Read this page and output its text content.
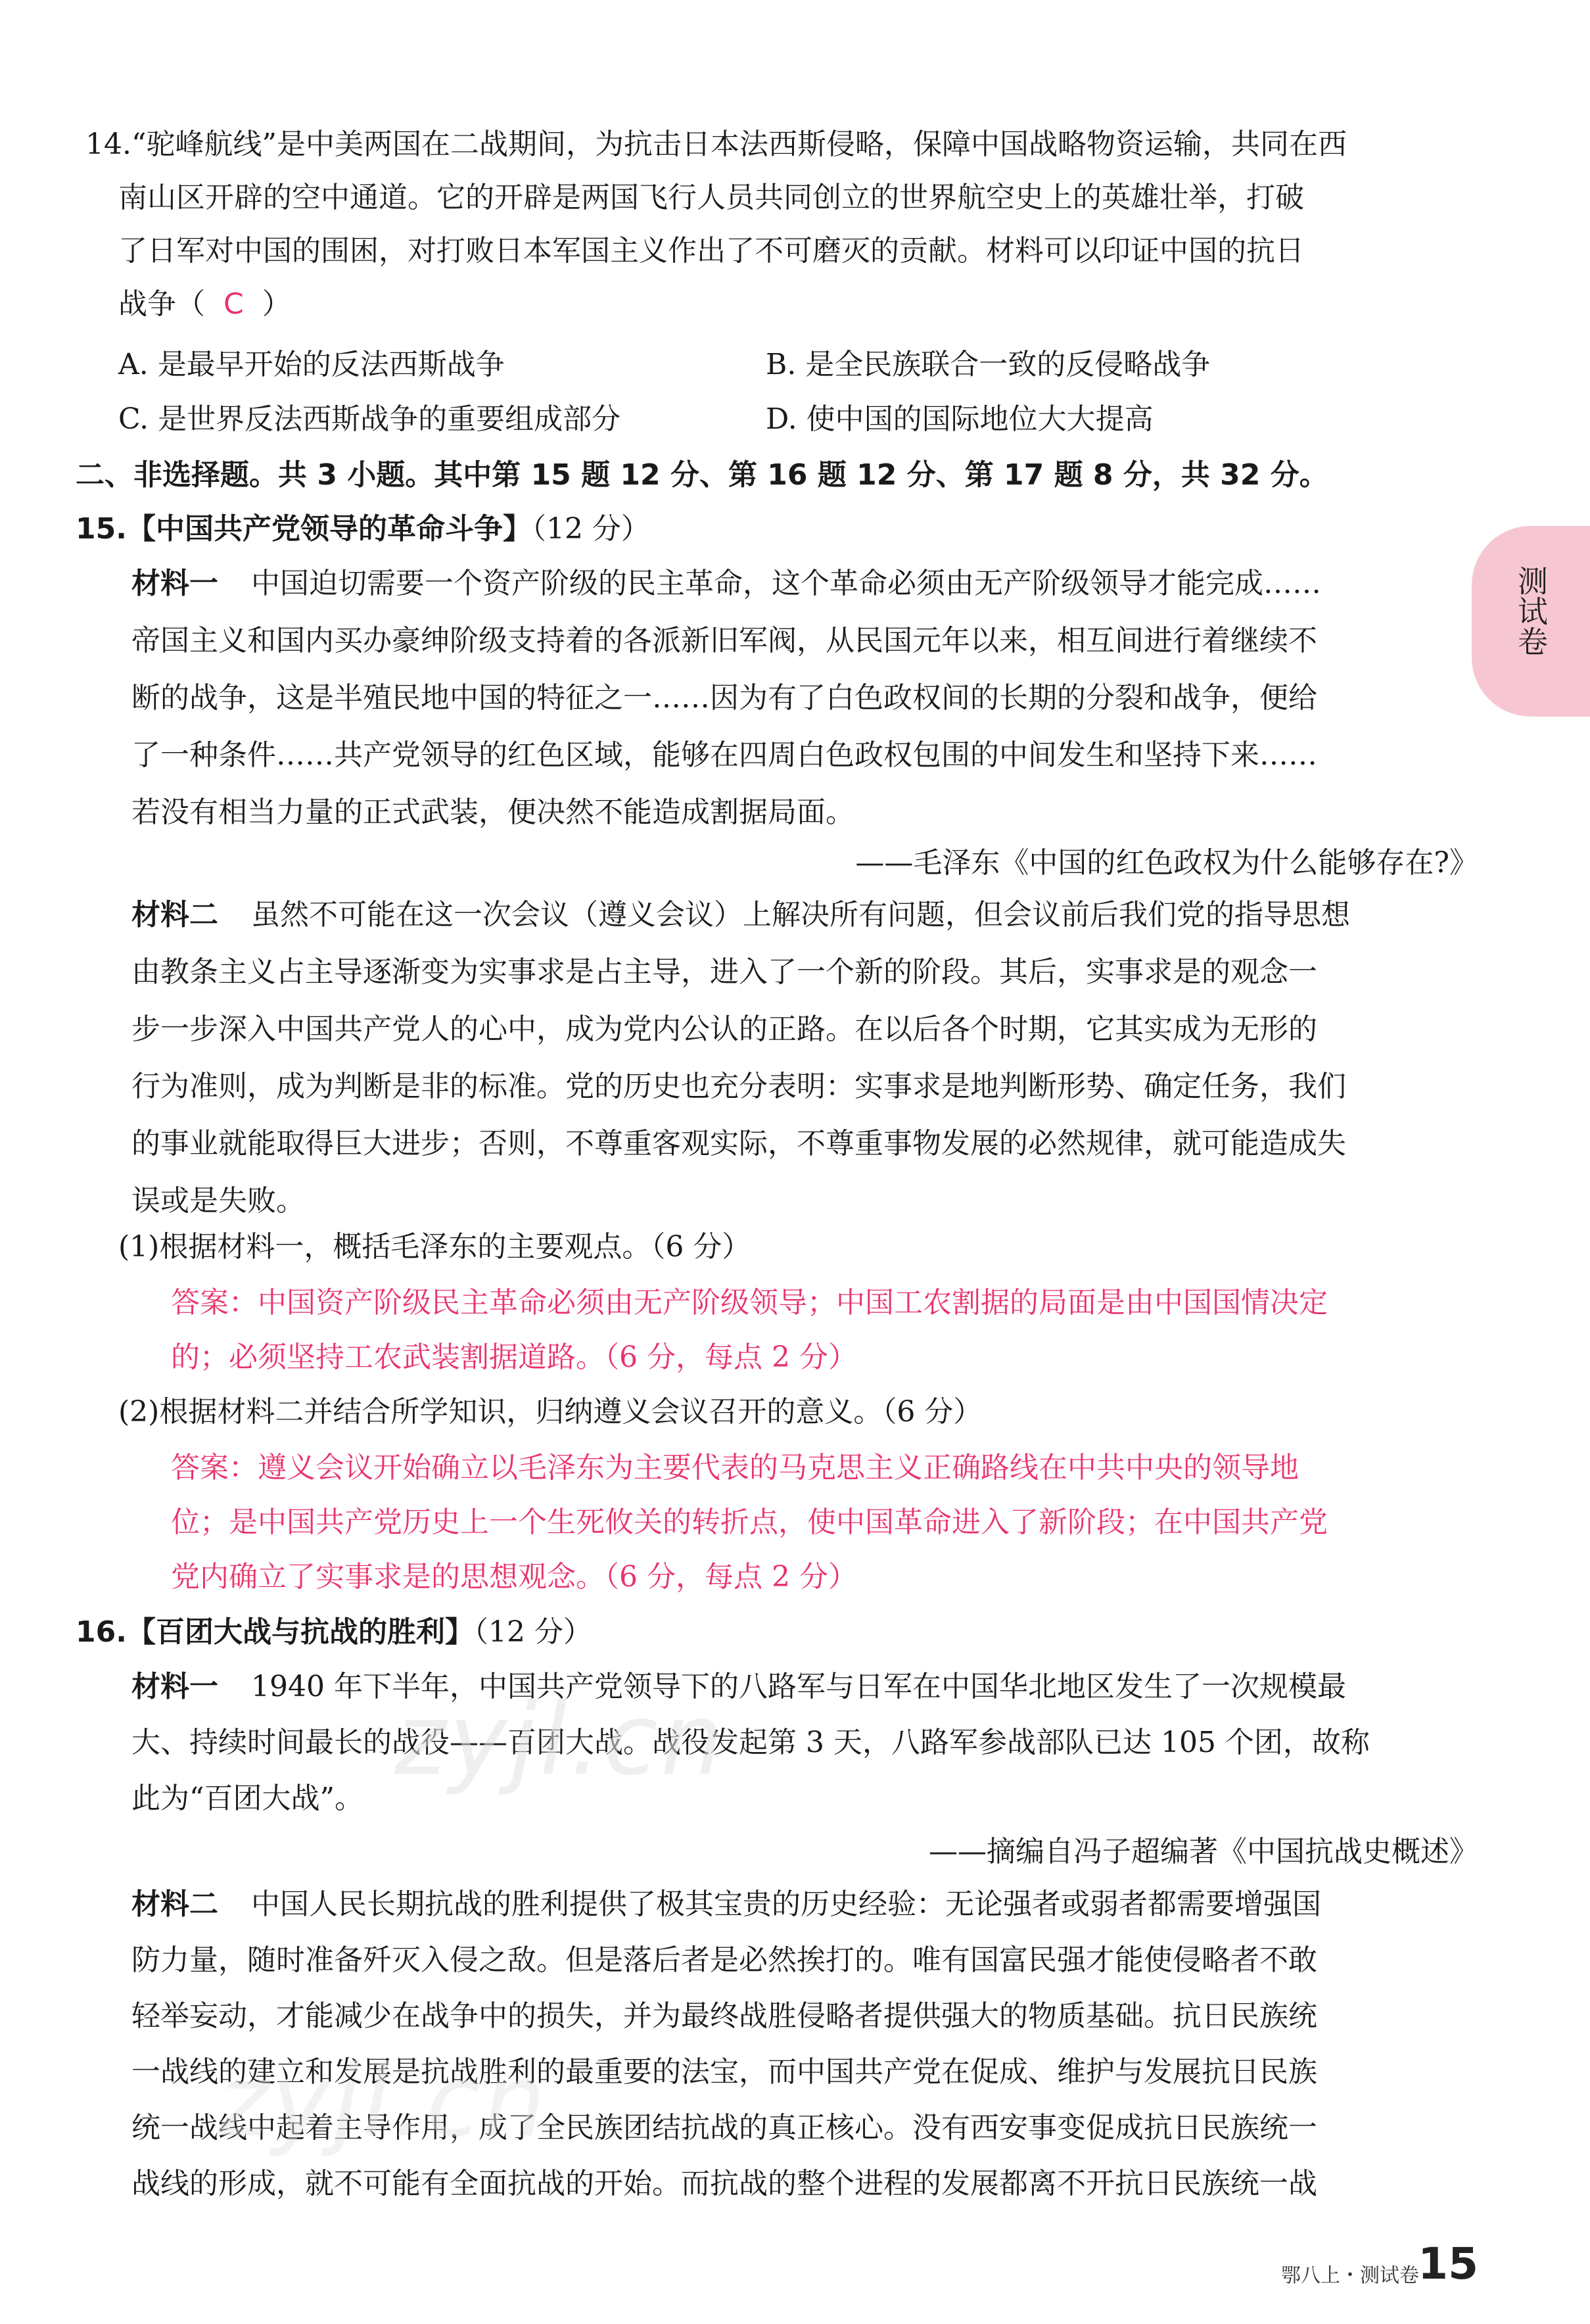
14.“驼峰航线”是中美两国在二战期间，为抗击日本法西斯侵略，保障中国战略物资运输，共同在西
南山区开辟的空中通道。它的开辟是两国飞行人员共同创立的世界航空史上的英雄壮举，打破
了日军对中国的围困，对打败日本军国主义作出了不可磨灭的贡献。材料可以印证中国的抗日
战争（ C ）
A. 是最早开始的反法西斯战争	B. 是全民族联合一致的反侵略战争
C. 是世界反法西斯战争的重要组成部分	D. 使中国的国际地位大大提高
二、非选择题。共 3 小题。其中第 15 题 12 分、第 16 题 12 分、第 17 题 8 分，共 32 分。
15.【中国共产党领导的革命斗争】（12 分）
材料一 中国迫切需要一个资产阶级的民主革命，这个革命必须由无产阶级领导才能完成……
帝国主义和国内买办豪绅阶级支持着的各派新旧军阀，从民国元年以来，相互间进行着继续不
断的战争，这是半殖民地中国的特征之一……因为有了白色政权间的长期的分裂和战争，便给
了一种条件……共产党领导的红色区域，能够在四周白色政权包围的中间发生和坚持下来……
若没有相当力量的正式武装，便决然不能造成割据局面。
——毛泽东《中国的红色政权为什么能够存在?》
材料二 虽然不可能在这一次会议（遵义会议）上解决所有问题，但会议前后我们党的指导思想
由教条主义占主导逐渐变为实事求是占主导，进入了一个新的阶段。其后，实事求是的观念一
步一步深入中国共产党人的心中，成为党内公认的正路。在以后各个时期，它其实成为无形的
行为准则，成为判断是非的标准。党的历史也充分表明：实事求是地判断形势、确定任务，我们
的事业就能取得巨大进步；否则，不尊重客观实际，不尊重事物发展的必然规律，就可能造成失
误或是失败。
(1)根据材料一，概括毛泽东的主要观点。（6 分）
答案：中国资产阶级民主革命必须由无产阶级领导；中国工农割据的局面是由中国国情决定
的；必须坚持工农武装割据道路。（6 分，每点 2 分）
(2)根据材料二并结合所学知识，归纳遵义会议召开的意义。（6 分）
答案：遵义会议开始确立以毛泽东为主要代表的马克思主义正确路线在中共中央的领导地
位；是中国共产党历史上一个生死攸关的转折点，使中国革命进入了新阶段；在中国共产党
党内确立了实事求是的思想观念。（6 分，每点 2 分）
16.【百团大战与抗战的胜利】（12 分）
材料一 1940 年下半年，中国共产党领导下的八路军与日军在中国华北地区发生了一次规模最
大、持续时间最长的战役——百团大战。战役发起第 3 天，八路军参战部队已达 105 个团，故称
此为“百团大战”。
——摘编自冯子超编著《中国抗战史概述》
材料二 中国人民长期抗战的胜利提供了极其宝贵的历史经验：无论强者或弱者都需要增强国
防力量，随时准备歼灭入侵之敌。但是落后者是必然挨打的。唯有国富民强才能使侵略者不敢
轻举妄动，才能减少在战争中的损失，并为最终战胜侵略者提供强大的物质基础。抗日民族统
一战线的建立和发展是抗战胜利的最重要的法宝，而中国共产党在促成、维护与发展抗日民族
统一战线中起着主导作用，成了全民族团结抗战的真正核心。没有西安事变促成抗日民族统一
战线的形成，就不可能有全面抗战的开始。而抗战的整个进程的发展都离不开抗日民族统一战
测试卷
zyjl.cn
zyjl.cn
鄂八上・测试卷
15
